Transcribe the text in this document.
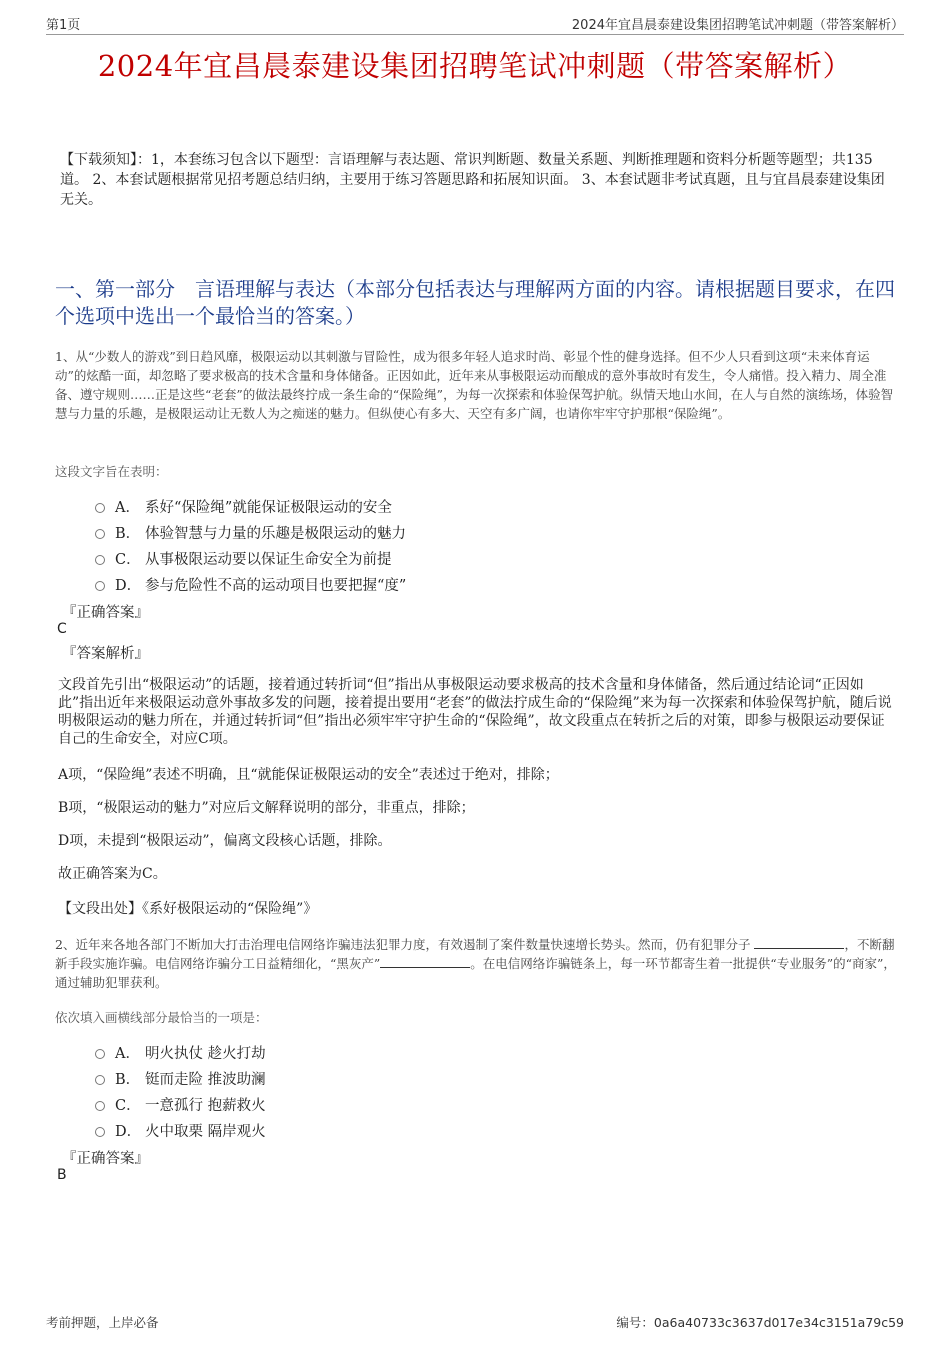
第1页	2024年宜昌晨泰建设集团招聘笔试冲刺题（带答案解析）
2024年宜昌晨泰建设集团招聘笔试冲刺题（带答案解析）
【下载须知】：1，本套练习包含以下题型：言语理解与表达题、常识判断题、数量关系题、判断推理题和资料分析题等题型；共135道。 2、本套试题根据常见招考题总结归纳，主要用于练习答题思路和拓展知识面。 3、本套试题非考试真题，且与宜昌晨泰建设集团无关。
一、第一部分　言语理解与表达（本部分包括表达与理解两方面的内容。请根据题目要求，在四个选项中选出一个最恰当的答案。）
1、从“少数人的游戏”到日趋风靡，极限运动以其刺激与冒险性，成为很多年轻人追求时尚、彰显个性的健身选择。但不少人只看到这项“未来体育运动”的炫酷一面，却忽略了要求极高的技术含量和身体储备。正因如此，近年来从事极限运动而酿成的意外事故时有发生，令人痛惜。投入精力、周全准备、遵守规则……正是这些“老套”的做法最终拧成一条生命的“保险绳”，为每一次探索和体验保驾护航。纵情天地山水间，在人与自然的演练场，体验智慧与力量的乐趣，是极限运动让无数人为之痴迷的魅力。但纵使心有多大、天空有多广阔，也请你牢牢守护那根“保险绳”。
这段文字旨在表明：
A． 系好“保险绳”就能保证极限运动的安全
B． 体验智慧与力量的乐趣是极限运动的魅力
C． 从事极限运动要以保证生命安全为前提
D． 参与危险性不高的运动项目也要把握“度”
『正确答案』
C
『答案解析』
文段首先引出“极限运动”的话题，接着通过转折词“但”指出从事极限运动要求极高的技术含量和身体储备，然后通过结论词“正因如此”指出近年来极限运动意外事故多发的问题，接着提出要用“老套”的做法拧成生命的“保险绳”来为每一次探索和体验保驾护航，随后说明极限运动的魅力所在，并通过转折词“但”指出必须牢牢守护生命的“保险绳”，故文段重点在转折之后的对策，即参与极限运动要保证自己的生命安全，对应C项。
A项，“保险绳”表述不明确，且“就能保证极限运动的安全”表述过于绝对，排除；
B项，“极限运动的魅力”对应后文解释说明的部分，非重点，排除；
D项，未提到“极限运动”，偏离文段核心话题，排除。
故正确答案为C。
【文段出处】《系好极限运动的“保险绳”》
2、近年来各地各部门不断加大打击治理电信网络诈骗违法犯罪力度，有效遏制了案件数量快速增长势头。然而，仍有犯罪分子	，不断翻新手段实施诈骗。电信网络诈骗分工日益精细化，“黑灰产”	。在电信网络诈骗链条上，每一环节都寄生着一批提供“专业服务”的“商家”，通过辅助犯罪获利。
依次填入画横线部分最恰当的一项是：
A． 明火执仗 趁火打劫
B． 铤而走险 推波助澜
C． 一意孤行 抱薪救火
D． 火中取栗 隔岸观火
『正确答案』
B
考前押题，上岸必备	编号：0a6a40733c3637d017e34c3151a79c59
